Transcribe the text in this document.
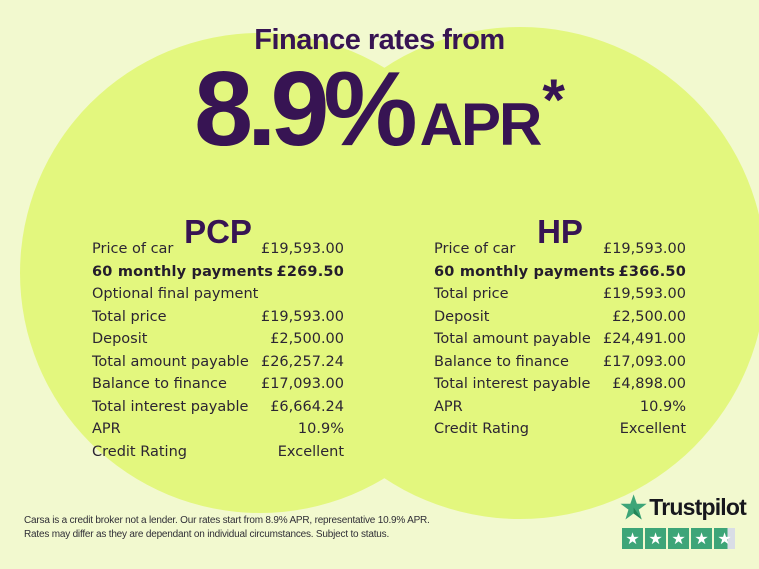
Finance rates from
8.9% APR *
PCP
Price of car	£19,593.00
60 monthly payments £269.50
Optional final payment
Total price	£19,593.00
Deposit	£2,500.00
Total amount payable £26,257.24
Balance to finance £17,093.00
Total interest payable £6,664.24
APR	10.9%
Credit Rating	Excellent
HP
Price of car	£19,593.00
60 monthly payments £366.50
Total price	£19,593.00
Deposit	£2,500.00
Total amount payable £24,491.00
Balance to finance £17,093.00
Total interest payable £4,898.00
APR	10.9%
Credit Rating	Excellent

Carsa is a credit broker not a lender. Our rates start from 8.9% APR, representative 10.9% APR.
Rates may differ as they are dependant on individual circumstances. Subject to status.

Trustpilot
★ ★ ★ ★ ★
